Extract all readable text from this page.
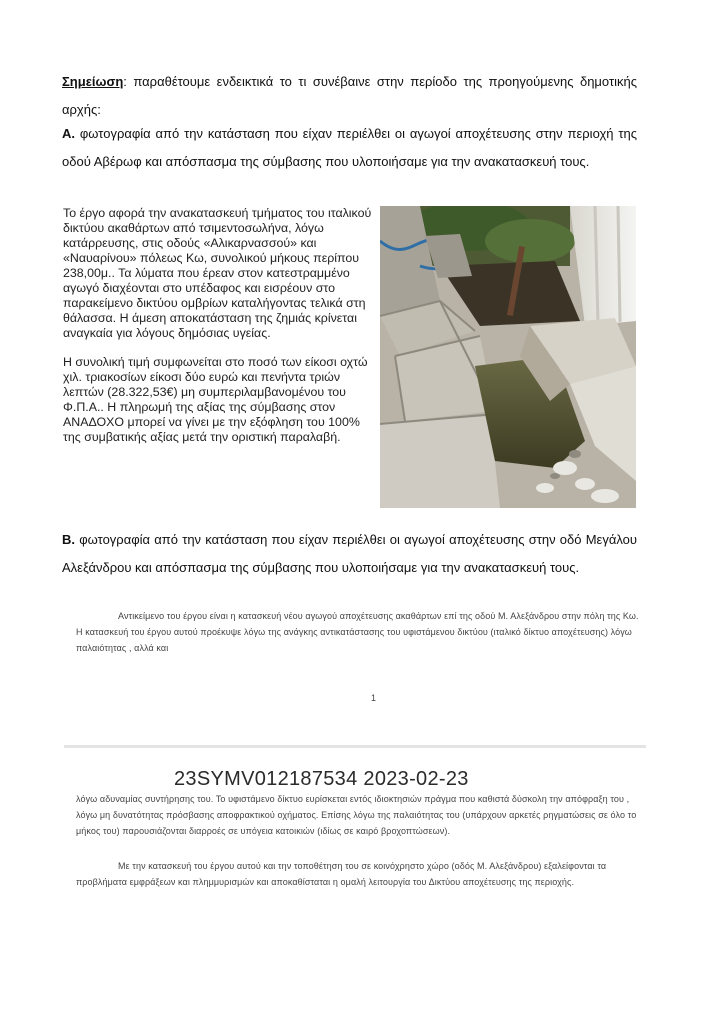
Σημείωση: παραθέτουμε ενδεικτικά το τι συνέβαινε στην περίοδο της προηγούμενης δημοτικής αρχής:
Α. φωτογραφία από την κατάσταση που είχαν περιέλθει οι αγωγοί αποχέτευσης στην περιοχή της οδού Αβέρωφ και απόσπασμα της σύμβασης που υλοποιήσαμε για την ανακατασκευή τους.
Το έργο αφορά την ανακατασκευή τμήματος του ιταλικού δικτύου ακαθάρτων από τσιμεντοσωλήνα, λόγω κατάρρευσης, στις οδούς «Αλικαρνασσού» και «Ναυαρίνου» πόλεως Κω, συνολικού μήκους περίπου 238,00μ.. Τα λύματα που έρεαν στον κατεστραμμένο αγωγό διαχέονται στο υπέδαφος και εισρέουν στο παρακείμενο δικτύου ομβρίων καταλήγοντας τελικά στη θάλασσα. Η άμεση αποκατάσταση της ζημιάς κρίνεται αναγκαία για λόγους δημόσιας υγείας.
Η συνολική τιμή συμφωνείται στο ποσό των είκοσι οχτώ χιλ. τριακοσίων είκοσι δύο ευρώ και πενήντα τριών λεπτών (28.322,53€) μη συμπεριλαμβανομένου του Φ.Π.Α.. Η πληρωμή της αξίας της σύμβασης στον ΑΝΑΔΟΧΟ μπορεί να γίνει με την εξόφληση του 100% της συμβατικής αξίας μετά την οριστική παραλαβή.
Β. φωτογραφία από την κατάσταση που είχαν περιέλθει οι αγωγοί αποχέτευσης στην οδό Μεγάλου Αλεξάνδρου και απόσπασμα της σύμβασης που υλοποιήσαμε για την ανακατασκευή τους.
Αντικείμενο του έργου είναι η κατασκευή νέου αγωγού αποχέτευσης ακαθάρτων επί της οδού Μ. Αλεξάνδρου στην πόλη της Κω. Η κατασκευή του έργου αυτού προέκυψε λόγω της ανάγκης αντικατάστασης του υφιστάμενου δικτύου (ιταλικό δίκτυο αποχέτευσης) λόγω παλαιότητας , αλλά και
1
23SYMV012187534 2023-02-23
λόγω αδυναμίας συντήρησης του. Το υφιστάμενο δίκτυο ευρίσκεται εντός ιδιοκτησιών πράγμα που καθιστά δύσκολη την απόφραξη του , λόγω μη δυνατότητας πρόσβασης αποφρακτικού οχήματος. Επίσης λόγω της παλαιότητας του (υπάρχουν αρκετές ρηγματώσεις σε όλο το μήκος του) παρουσιάζονται διαρροές σε υπόγεια κατοικιών (ιδίως σε καιρό βροχοπτώσεων).
Με την κατασκευή του έργου αυτού και την τοποθέτηση του σε κοινόχρηστο χώρο (οδός Μ. Αλεξάνδρου) εξαλείφονται τα προβλήματα εμφράξεων και πλημμυρισμών και αποκαθίσταται η ομαλή λειτουργία του Δικτύου αποχέτευσης της περιοχής.
